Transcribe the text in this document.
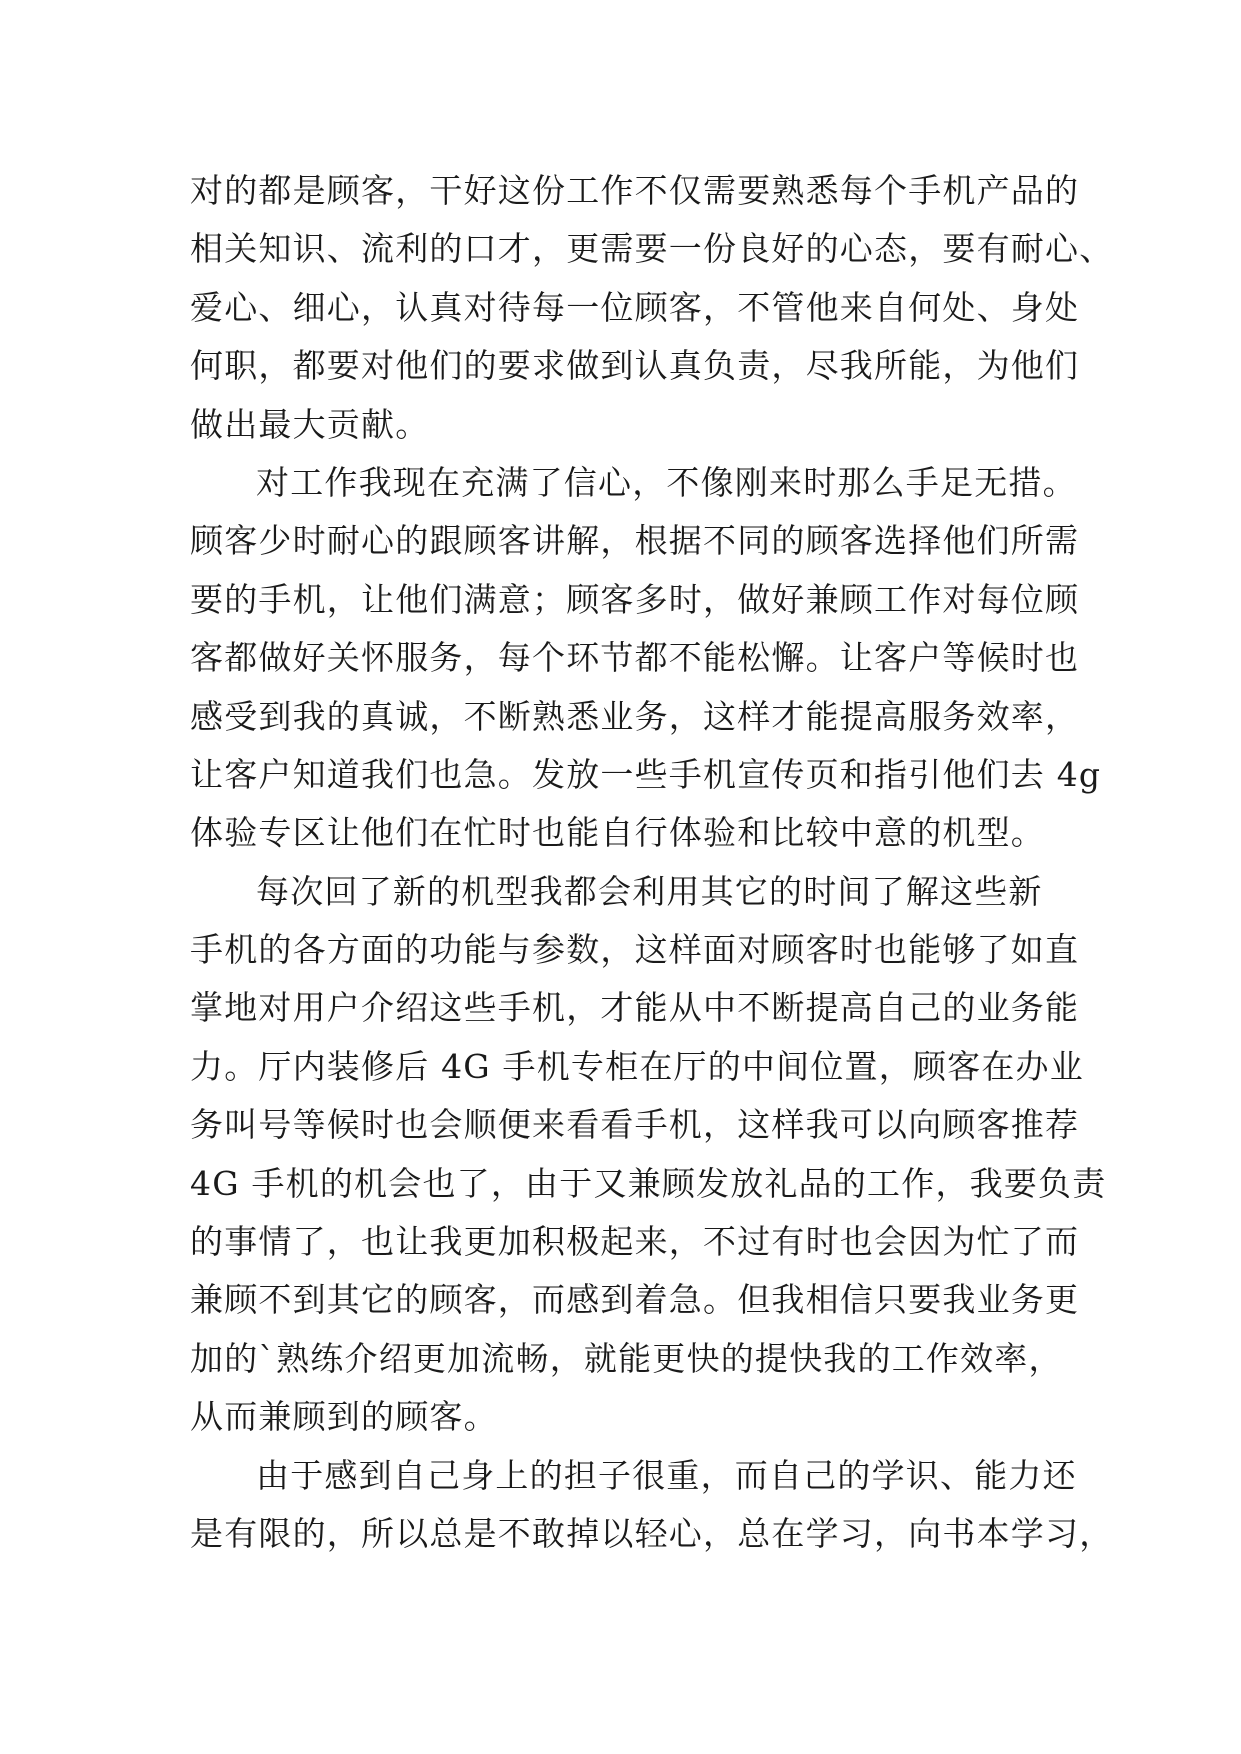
对的都是顾客，干好这份工作不仅需要熟悉每个手机产品的
相关知识、流利的口才，更需要一份良好的心态，要有耐心、
爱心、细心，认真对待每一位顾客，不管他来自何处、身处
何职，都要对他们的要求做到认真负责，尽我所能，为他们
做出最大贡献。
对工作我现在充满了信心，不像刚来时那么手足无措。
顾客少时耐心的跟顾客讲解，根据不同的顾客选择他们所需
要的手机，让他们满意；顾客多时，做好兼顾工作对每位顾
客都做好关怀服务，每个环节都不能松懈。让客户等候时也
感受到我的真诚，不断熟悉业务，这样才能提高服务效率，
让客户知道我们也急。发放一些手机宣传页和指引他们去 4g
体验专区让他们在忙时也能自行体验和比较中意的机型。
每次回了新的机型我都会利用其它的时间了解这些新
手机的各方面的功能与参数，这样面对顾客时也能够了如直
掌地对用户介绍这些手机，才能从中不断提高自己的业务能
力。厅内装修后 4G 手机专柜在厅的中间位置，顾客在办业
务叫号等候时也会顺便来看看手机，这样我可以向顾客推荐
4G 手机的机会也了，由于又兼顾发放礼品的工作，我要负责
的事情了，也让我更加积极起来，不过有时也会因为忙了而
兼顾不到其它的顾客，而感到着急。但我相信只要我业务更
加的`熟练介绍更加流畅，就能更快的提快我的工作效率，
从而兼顾到的顾客。
由于感到自己身上的担子很重，而自己的学识、能力还
是有限的，所以总是不敢掉以轻心，总在学习，向书本学习，
